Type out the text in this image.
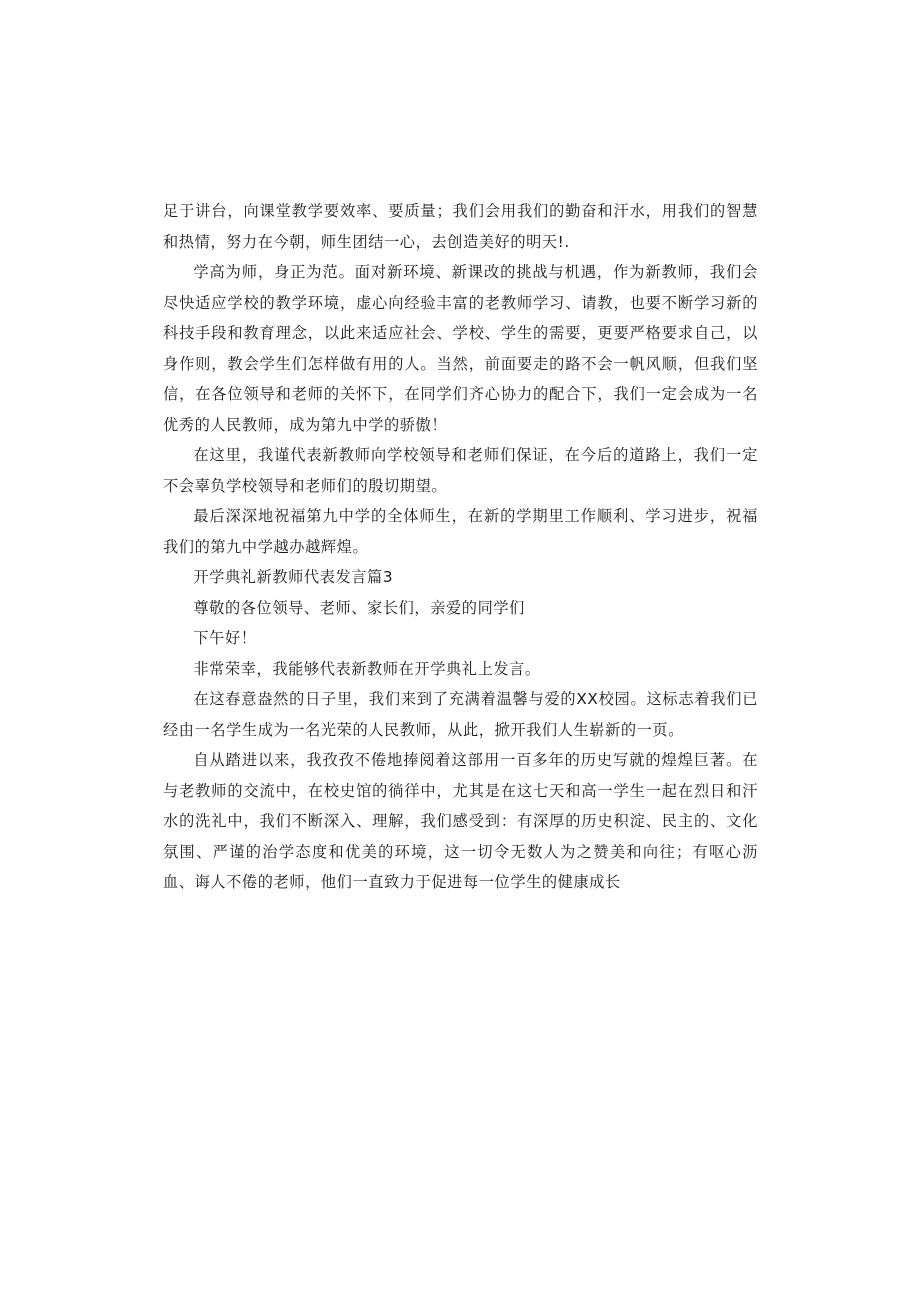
足于讲台，向课堂教学要效率、要质量；我们会用我们的勤奋和汗水，用我们的智慧和热情，努力在今朝，师生团结一心，去创造美好的明天!.

学高为师，身正为范。面对新环境、新课改的挑战与机遇，作为新教师，我们会尽快适应学校的教学环境，虚心向经验丰富的老教师学习、请教，也要不断学习新的科技手段和教育理念，以此来适应社会、学校、学生的需要，更要严格要求自己，以身作则，教会学生们怎样做有用的人。当然，前面要走的路不会一帆风顺，但我们坚信，在各位领导和老师的关怀下，在同学们齐心协力的配合下，我们一定会成为一名优秀的人民教师，成为第九中学的骄傲！

在这里，我谨代表新教师向学校领导和老师们保证，在今后的道路上，我们一定不会辜负学校领导和老师们的殷切期望。

最后深深地祝福第九中学的全体师生，在新的学期里工作顺利、学习进步，祝福我们的第九中学越办越辉煌。

开学典礼新教师代表发言篇3

尊敬的各位领导、老师、家长们，亲爱的同学们

下午好！

非常荣幸，我能够代表新教师在开学典礼上发言。

在这春意盎然的日子里，我们来到了充满着温馨与爱的XX校园。这标志着我们已经由一名学生成为一名光荣的人民教师，从此，掀开我们人生崭新的一页。

自从踏进以来，我孜孜不倦地捧阅着这部用一百多年的历史写就的煌煌巨著。在与老教师的交流中，在校史馆的徜徉中，尤其是在这七天和高一学生一起在烈日和汗水的洗礼中，我们不断深入、理解，我们感受到：有深厚的历史积淀、民主的、文化氛围、严谨的治学态度和优美的环境，这一切令无数人为之赞美和向往；有呕心沥血、诲人不倦的老师，他们一直致力于促进每一位学生的健康成长
